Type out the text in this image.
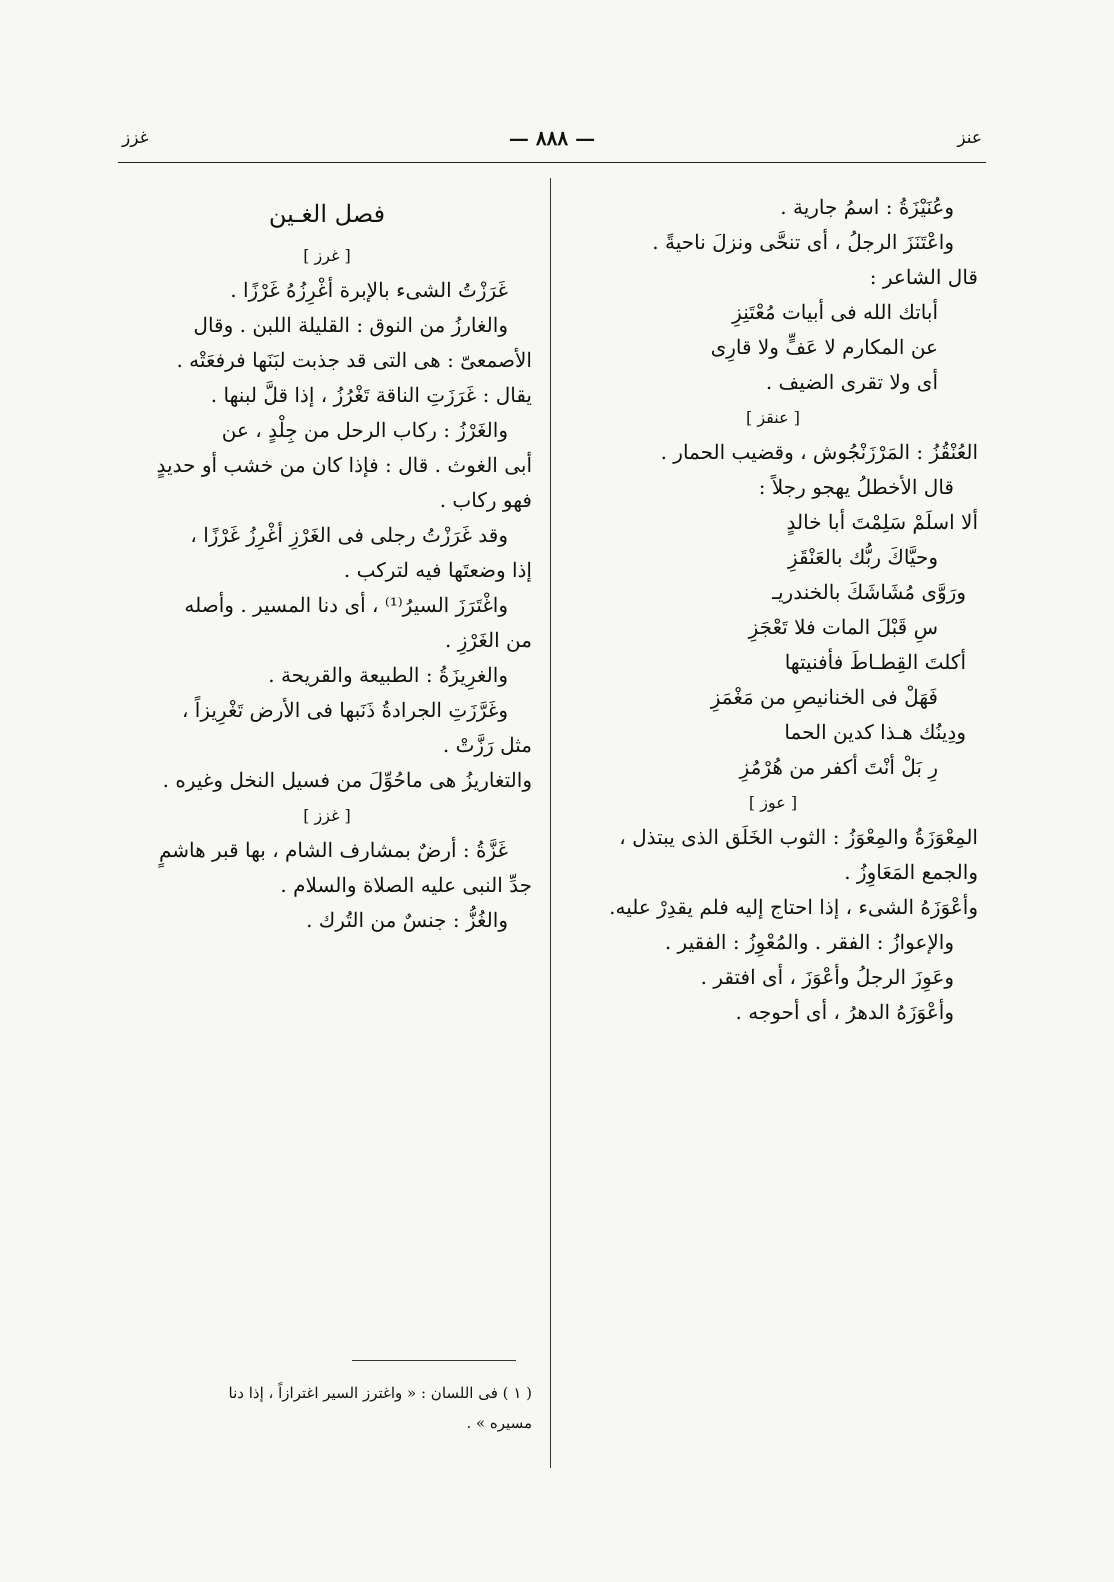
غزز	— ٨٨٨ —	عنز
وعُنَيْزَةُ : اسمُ جارية .
واعْتَنَزَ الرجلُ ، أى تنحَّى ونزلَ ناحيةً .
قال الشاعر :
أباتك الله فى أبيات مُعْتَنِزِ
عن المكارم لا عَفٍّ ولا قارِى
أى ولا تقرى الضيف .
[ عنقز ]
العُنْقُزُ : المَرْزَنْجُوش ، وقضيب الحمار .
قال الأخطلُ يهجو رجلاً :
ألا اسلَمْ سَلِمْتَ أبا خالدٍ
وحيَّاكَ ربُّك بالعَنْقَزِ
ورَوَّى مُشَاشَكَ بالخندريـ
سِ قَبْلَ المات فلا تَعْجَزِ
أكلتَ القِطـاطَ فأفنيتها
فَهَلْ فى الخنانيصِ من مَغْمَزِ
ودِينُك هـذا كدين الحما
رِ بَلْ أنْتَ أكفر من هُرْمُزِ
[ عوز ]
المِعْوَزَةُ والمِعْوَزُ : الثوب الخَلَق الذى يبتذل ،
والجمع المَعَاوِزُ .
وأعْوَزَهُ الشىء ، إذا احتاج إليه فلم يقدِرْ عليه.
والإعوازُ : الفقر . والمُعْوِزُ : الفقير .
وعَوِزَ الرجلُ وأعْوَزَ ، أى افتقر .
وأعْوَزَهُ الدهرُ ، أى أحوجه .
فصل الغـين
[ غرز ]
غَرَزْتُ الشىء بالإبرة أغْرِزُهُ غَرْزًا .
والغارزُ من النوق : القليلة اللبن . وقال
الأصمعىّ : هى التى قد جذبت لبَنَها فرفعَتْه .
يقال : غَرَزَتِ الناقة تَغْرُزُ ، إذا قلَّ لبنها .
والغَرْزُ : ركاب الرحل من جِلْدٍ ، عن
أبى الغوث . قال : فإذا كان من خشب أو حديدٍ
فهو ركاب .
وقد غَرَزْتُ رجلى فى الغَرْزِ أغْرِزُ غَرْزًا ،
إذا وضعتَها فيه لتركب .
واغْتَرَزَ السيرُ⁽¹⁾ ، أى دنا المسير . وأصله
من الغَرْزِ .
والغرِيزَةُ : الطبيعة والقريحة .
وغَرَّزَتِ الجرادةُ ذَنَبها فى الأرض تَغْرِيزاً ،
مثل رَزَّتْ .
والتغاريزُ هى ماحُوِّلَ من فسيل النخل وغيره .
[ غزز ]
غَزَّةُ : أرضٌ بمشارف الشام ، بها قبر هاشمٍ
جدِّ النبى عليه الصلاة والسلام .
والغُزُّ : جنسٌ من التُرك .
( ١ ) فى اللسان : « واغترز السير اغترازاً ، إذا دنا
مسيره » .
